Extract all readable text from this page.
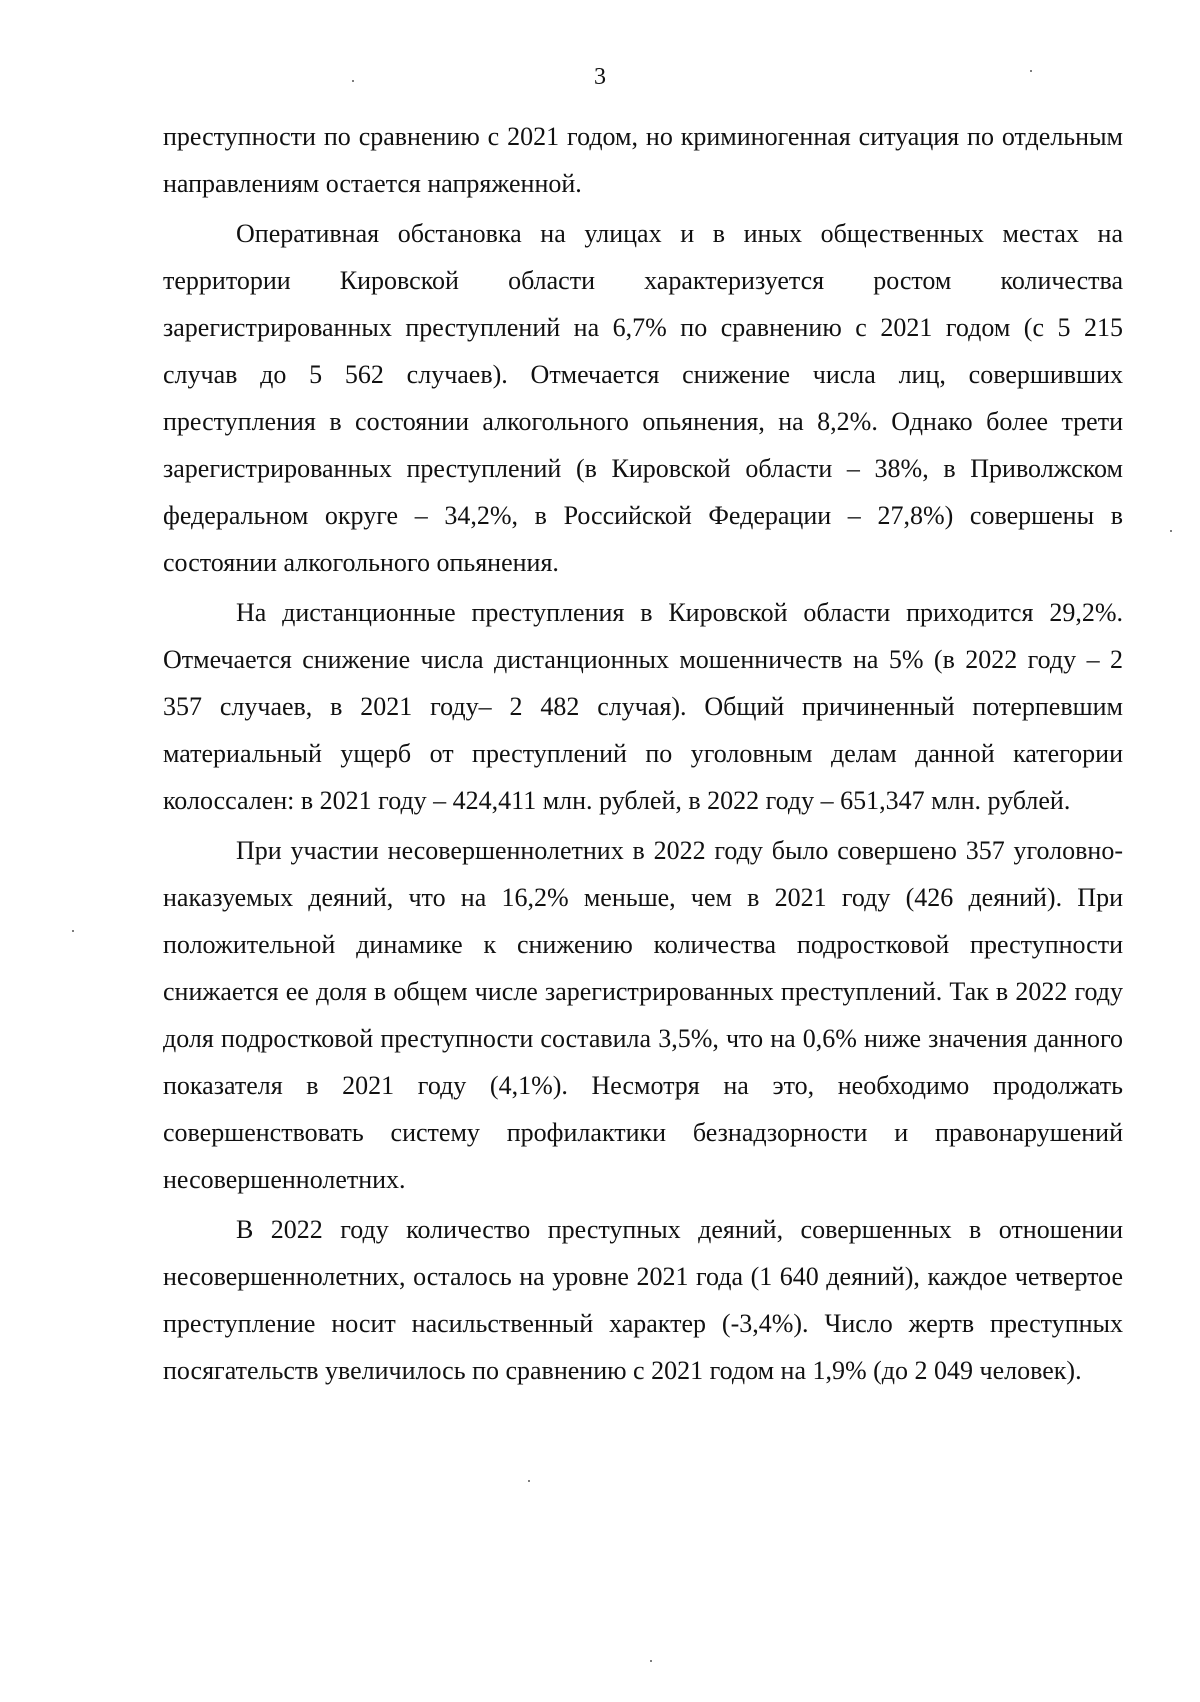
3

преступности по сравнению с 2021 годом, но криминогенная ситуация по отдельным направлениям остается напряженной.

Оперативная обстановка на улицах и в иных общественных местах на территории Кировской области характеризуется ростом количества зарегистрированных преступлений на 6,7% по сравнению с 2021 годом (с 5 215 случав до 5 562 случаев). Отмечается снижение числа лиц, совершивших преступления в состоянии алкогольного опьянения, на 8,2%. Однако более трети зарегистрированных преступлений (в Кировской области – 38%, в Приволжском федеральном округе – 34,2%, в Российской Федерации – 27,8%) совершены в состоянии алкогольного опьянения.

На дистанционные преступления в Кировской области приходится 29,2%. Отмечается снижение числа дистанционных мошенничеств на 5% (в 2022 году – 2 357 случаев, в 2021 году– 2 482 случая). Общий причиненный потерпевшим материальный ущерб от преступлений по уголовным делам данной категории колоссален: в 2021 году – 424,411 млн. рублей, в 2022 году – 651,347 млн. рублей.

При участии несовершеннолетних в 2022 году было совершено 357 уголовно-наказуемых деяний, что на 16,2% меньше, чем в 2021 году (426 деяний). При положительной динамике к снижению количества подростковой преступности снижается ее доля в общем числе зарегистрированных преступлений. Так в 2022 году доля подростковой преступности составила 3,5%, что на 0,6% ниже значения данного показателя в 2021 году (4,1%). Несмотря на это, необходимо продолжать совершенствовать систему профилактики безнадзорности и правонарушений несовершеннолетних.

В 2022 году количество преступных деяний, совершенных в отношении несовершеннолетних, осталось на уровне 2021 года (1 640 деяний), каждое четвертое преступление носит насильственный характер (-3,4%). Число жертв преступных посягательств увеличилось по сравнению с 2021 годом на 1,9% (до 2 049 человек).
